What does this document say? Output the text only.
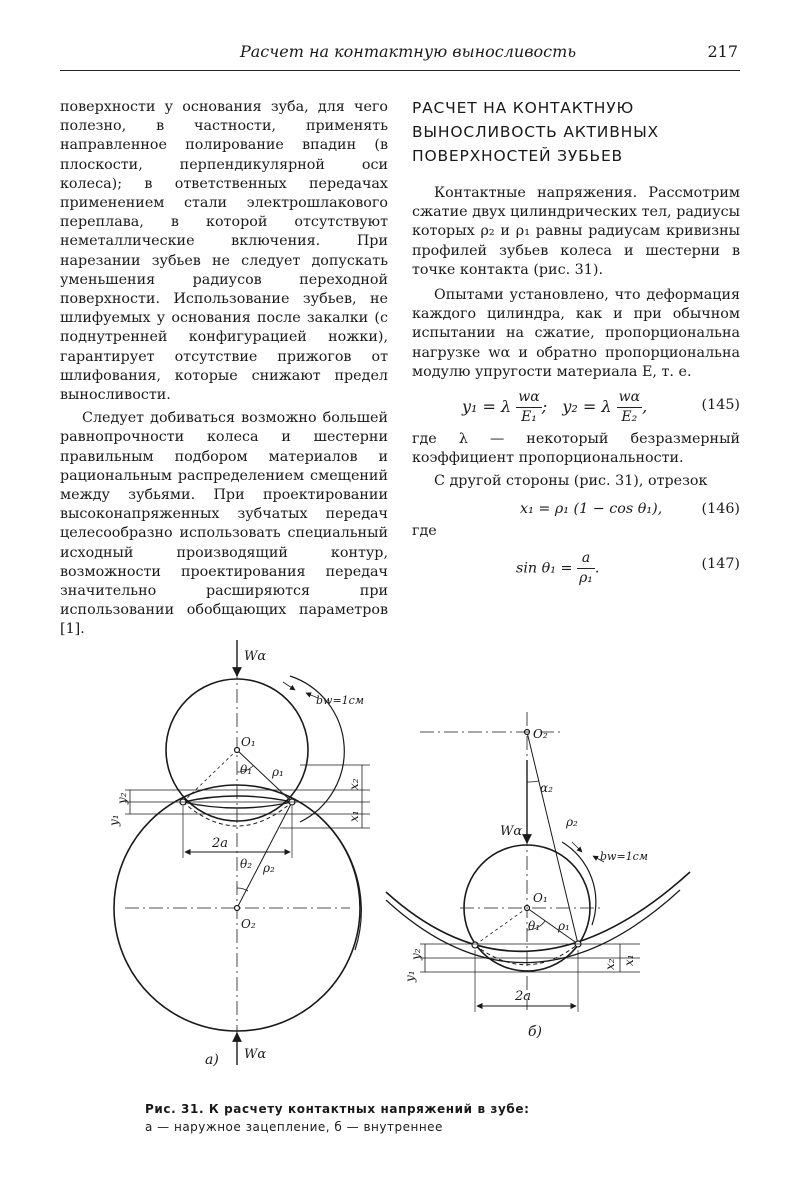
Расчет на контактную выносливость	217

поверхности у основания зуба, для чего полезно, в частности, применять направленное полирование впадин (в плоскости, перпендикулярной оси колеса); в ответственных передачах применением стали электрошлакового переплава, в которой отсутствуют неметаллические включения. При нарезании зубьев не следует допускать уменьшения радиусов переходной поверхности. Использование зубьев, не шлифуемых у основания после закалки (с поднутренней конфигурацией ножки), гарантирует отсутствие прижогов от шлифования, которые снижают предел выносливости.

Следует добиваться возможно большей равнопрочности колеса и шестерни правильным подбором материалов и рациональным распределением смещений между зубьями. При проектировании высоконапряженных зубчатых передач целесообразно использовать специальный исходный производящий контур, возможности проектирования передач значительно расширяются при использовании обобщающих параметров [1].

РАСЧЕТ НА КОНТАКТНУЮ
ВЫНОСЛИВОСТЬ АКТИВНЫХ
ПОВЕРХНОСТЕЙ ЗУБЬЕВ

Контактные напряжения. Рассмотрим сжатие двух цилиндрических тел, радиусы которых ρ₂ и ρ₁ равны радиусам кривизны профилей зубьев колеса и шестерни в точке контакта (рис. 31).

Опытами установлено, что деформация каждого цилиндра, как и при обычном испытании на сжатие, пропорциональна нагрузке wα и обратно пропорциональна модулю упругости материала E, т. е.

y₁ = λ $\frac{w\alpha}{\text{E₁}}$ ; y₂ = λ $\frac{w\alpha}{\text{E₂}}$ ,	(145)

где λ — некоторый безразмерный коэффициент пропорциональности.

С другой стороны (рис. 31), отрезок

x₁ = ρ₁ (1 − cos θ₁),	(146)
где
$\sin \theta_1 = \frac{a}{\text{ρ₁}}$ .	(147)
Wα
Wα
bw=1см
O₁
O₂
θ₁ ρ₁
θ₂ ρ₂
y₁
y₂
x₂
x₁
2a
а)
O₂
α₂
ρ₂
Wα
bw=1см
O₁
θ₁ ρ₁
y₁
y₂
x₂ x₁
2a
б)
Рис. 31. К расчету контактных напряжений в зубе:
а — наружное зацепление, б — внутреннее
